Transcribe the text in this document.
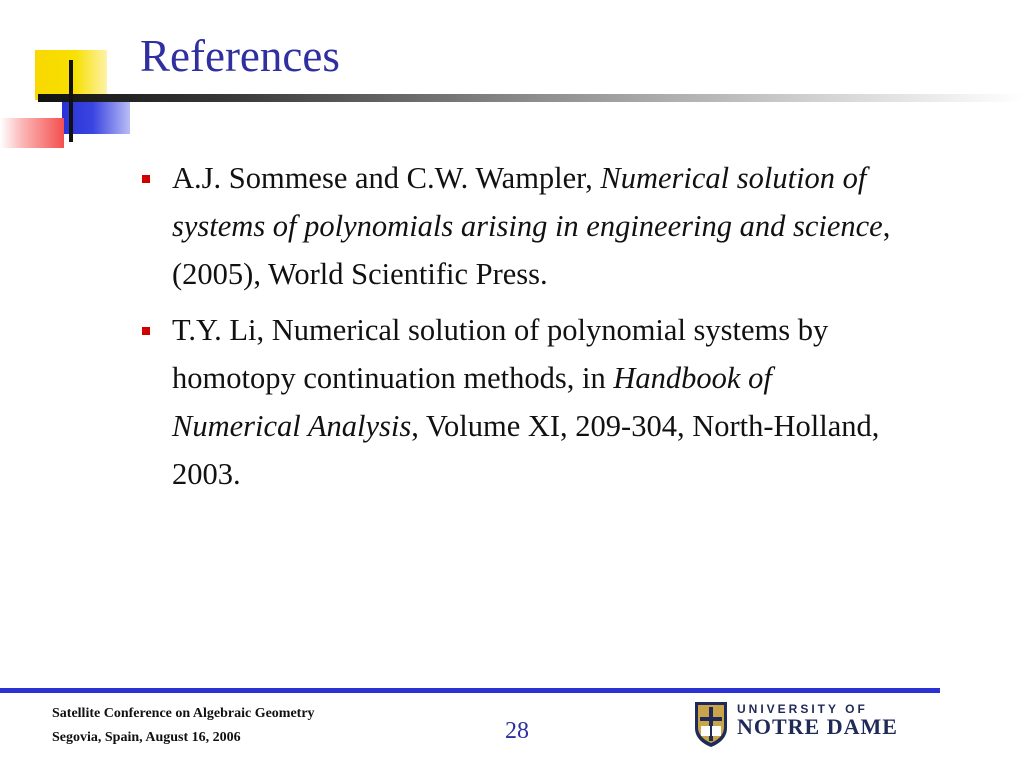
References
A.J. Sommese and C.W. Wampler, Numerical solution of systems of polynomials arising in engineering and science, (2005), World Scientific Press.
T.Y. Li, Numerical solution of polynomial systems by homotopy continuation methods, in Handbook of Numerical Analysis, Volume XI, 209-304, North-Holland, 2003.
Satellite Conference on Algebraic Geometry
Segovia, Spain, August 16, 2006	28
UNIVERSITY OF
NOTRE DAME
